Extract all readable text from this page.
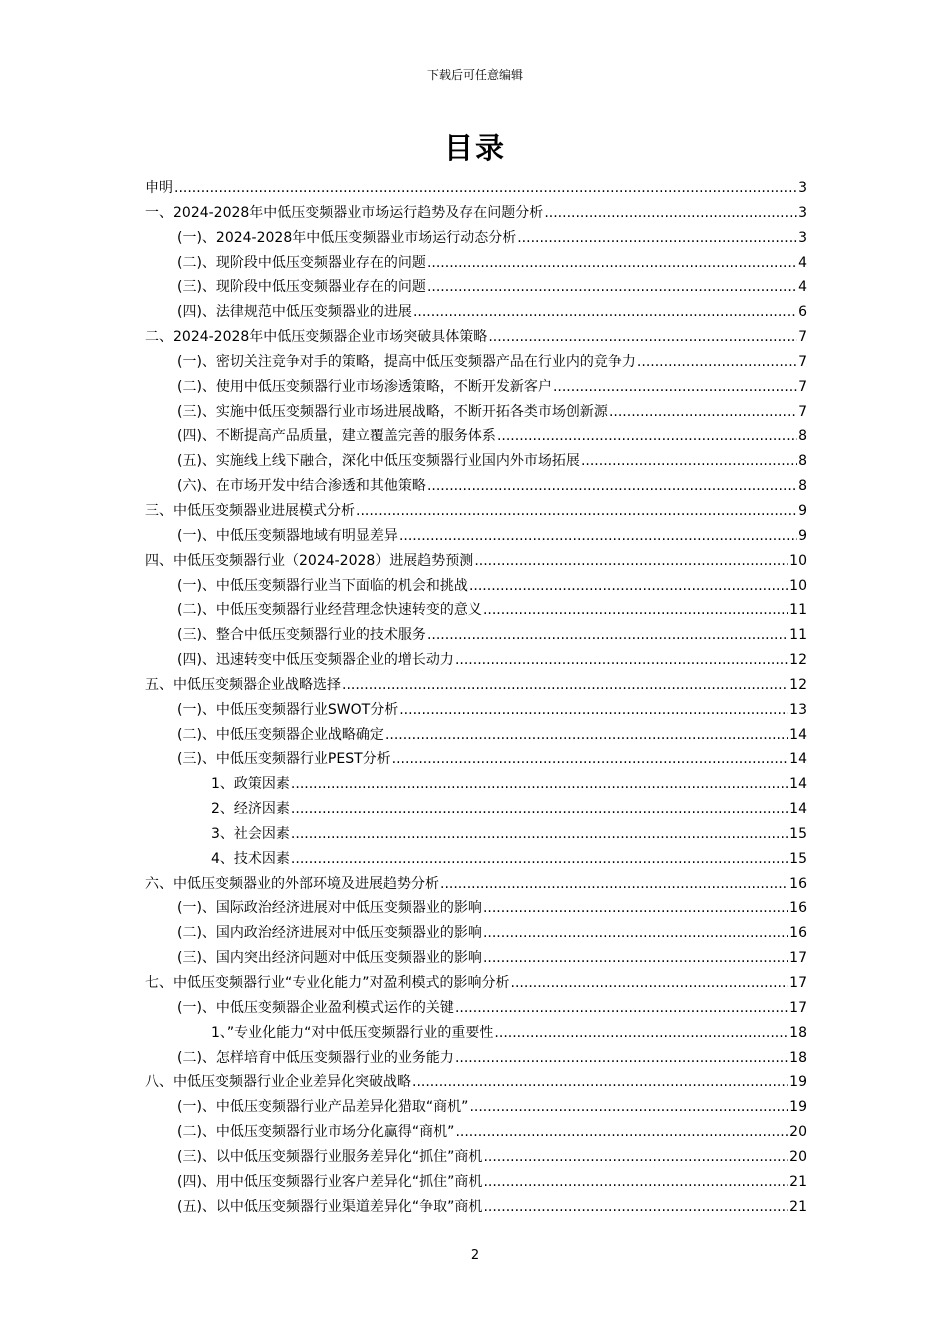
下载后可任意编辑
目录
申明 .....	3
一、2024-2028年中低压变频器业市场运行趋势及存在问题分析 .....	3
(一)、2024-2028年中低压变频器业市场运行动态分析 .....	3
(二)、现阶段中低压变频器业存在的问题 .....	4
(三)、现阶段中低压变频器业存在的问题 .....	4
(四)、法律规范中低压变频器业的进展 .....	6
二、2024-2028年中低压变频器企业市场突破具体策略 .....	7
(一)、密切关注竞争对手的策略，提高中低压变频器产品在行业内的竞争力 .....	7
(二)、使用中低压变频器行业市场渗透策略，不断开发新客户 .....	7
(三)、实施中低压变频器行业市场进展战略，不断开拓各类市场创新源 .....	7
(四)、不断提高产品质量，建立覆盖完善的服务体系 .....	8
(五)、实施线上线下融合，深化中低压变频器行业国内外市场拓展 .....	8
(六)、在市场开发中结合渗透和其他策略 .....	8
三、中低压变频器业进展模式分析 .....	9
(一)、中低压变频器地域有明显差异 .....	9
四、中低压变频器行业（2024-2028）进展趋势预测 .....	10
(一)、中低压变频器行业当下面临的机会和挑战 .....	10
(二)、中低压变频器行业经营理念快速转变的意义 .....	11
(三)、整合中低压变频器行业的技术服务 .....	11
(四)、迅速转变中低压变频器企业的增长动力 .....	12
五、中低压变频器企业战略选择 .....	12
(一)、中低压变频器行业SWOT分析 .....	13
(二)、中低压变频器企业战略确定 .....	14
(三)、中低压变频器行业PEST分析 .....	14
1、政策因素 .....	14
2、经济因素 .....	14
3、社会因素 .....	15
4、技术因素 .....	15
六、中低压变频器业的外部环境及进展趋势分析 .....	16
(一)、国际政治经济进展对中低压变频器业的影响 .....	16
(二)、国内政治经济进展对中低压变频器业的影响 .....	16
(三)、国内突出经济问题对中低压变频器业的影响 .....	17
七、中低压变频器行业“专业化能力”对盈利模式的影响分析 .....	17
(一)、中低压变频器企业盈利模式运作的关键 .....	17
1、”专业化能力“对中低压变频器行业的重要性 .....	18
(二)、怎样培育中低压变频器行业的业务能力 .....	18
八、中低压变频器行业企业差异化突破战略 .....	19
(一)、中低压变频器行业产品差异化猎取“商机” .....	19
(二)、中低压变频器行业市场分化赢得“商机” .....	20
(三)、以中低压变频器行业服务差异化“抓住”商机 .....	20
(四)、用中低压变频器行业客户差异化“抓住”商机 .....	21
(五)、以中低压变频器行业渠道差异化“争取”商机 .....	21
2
